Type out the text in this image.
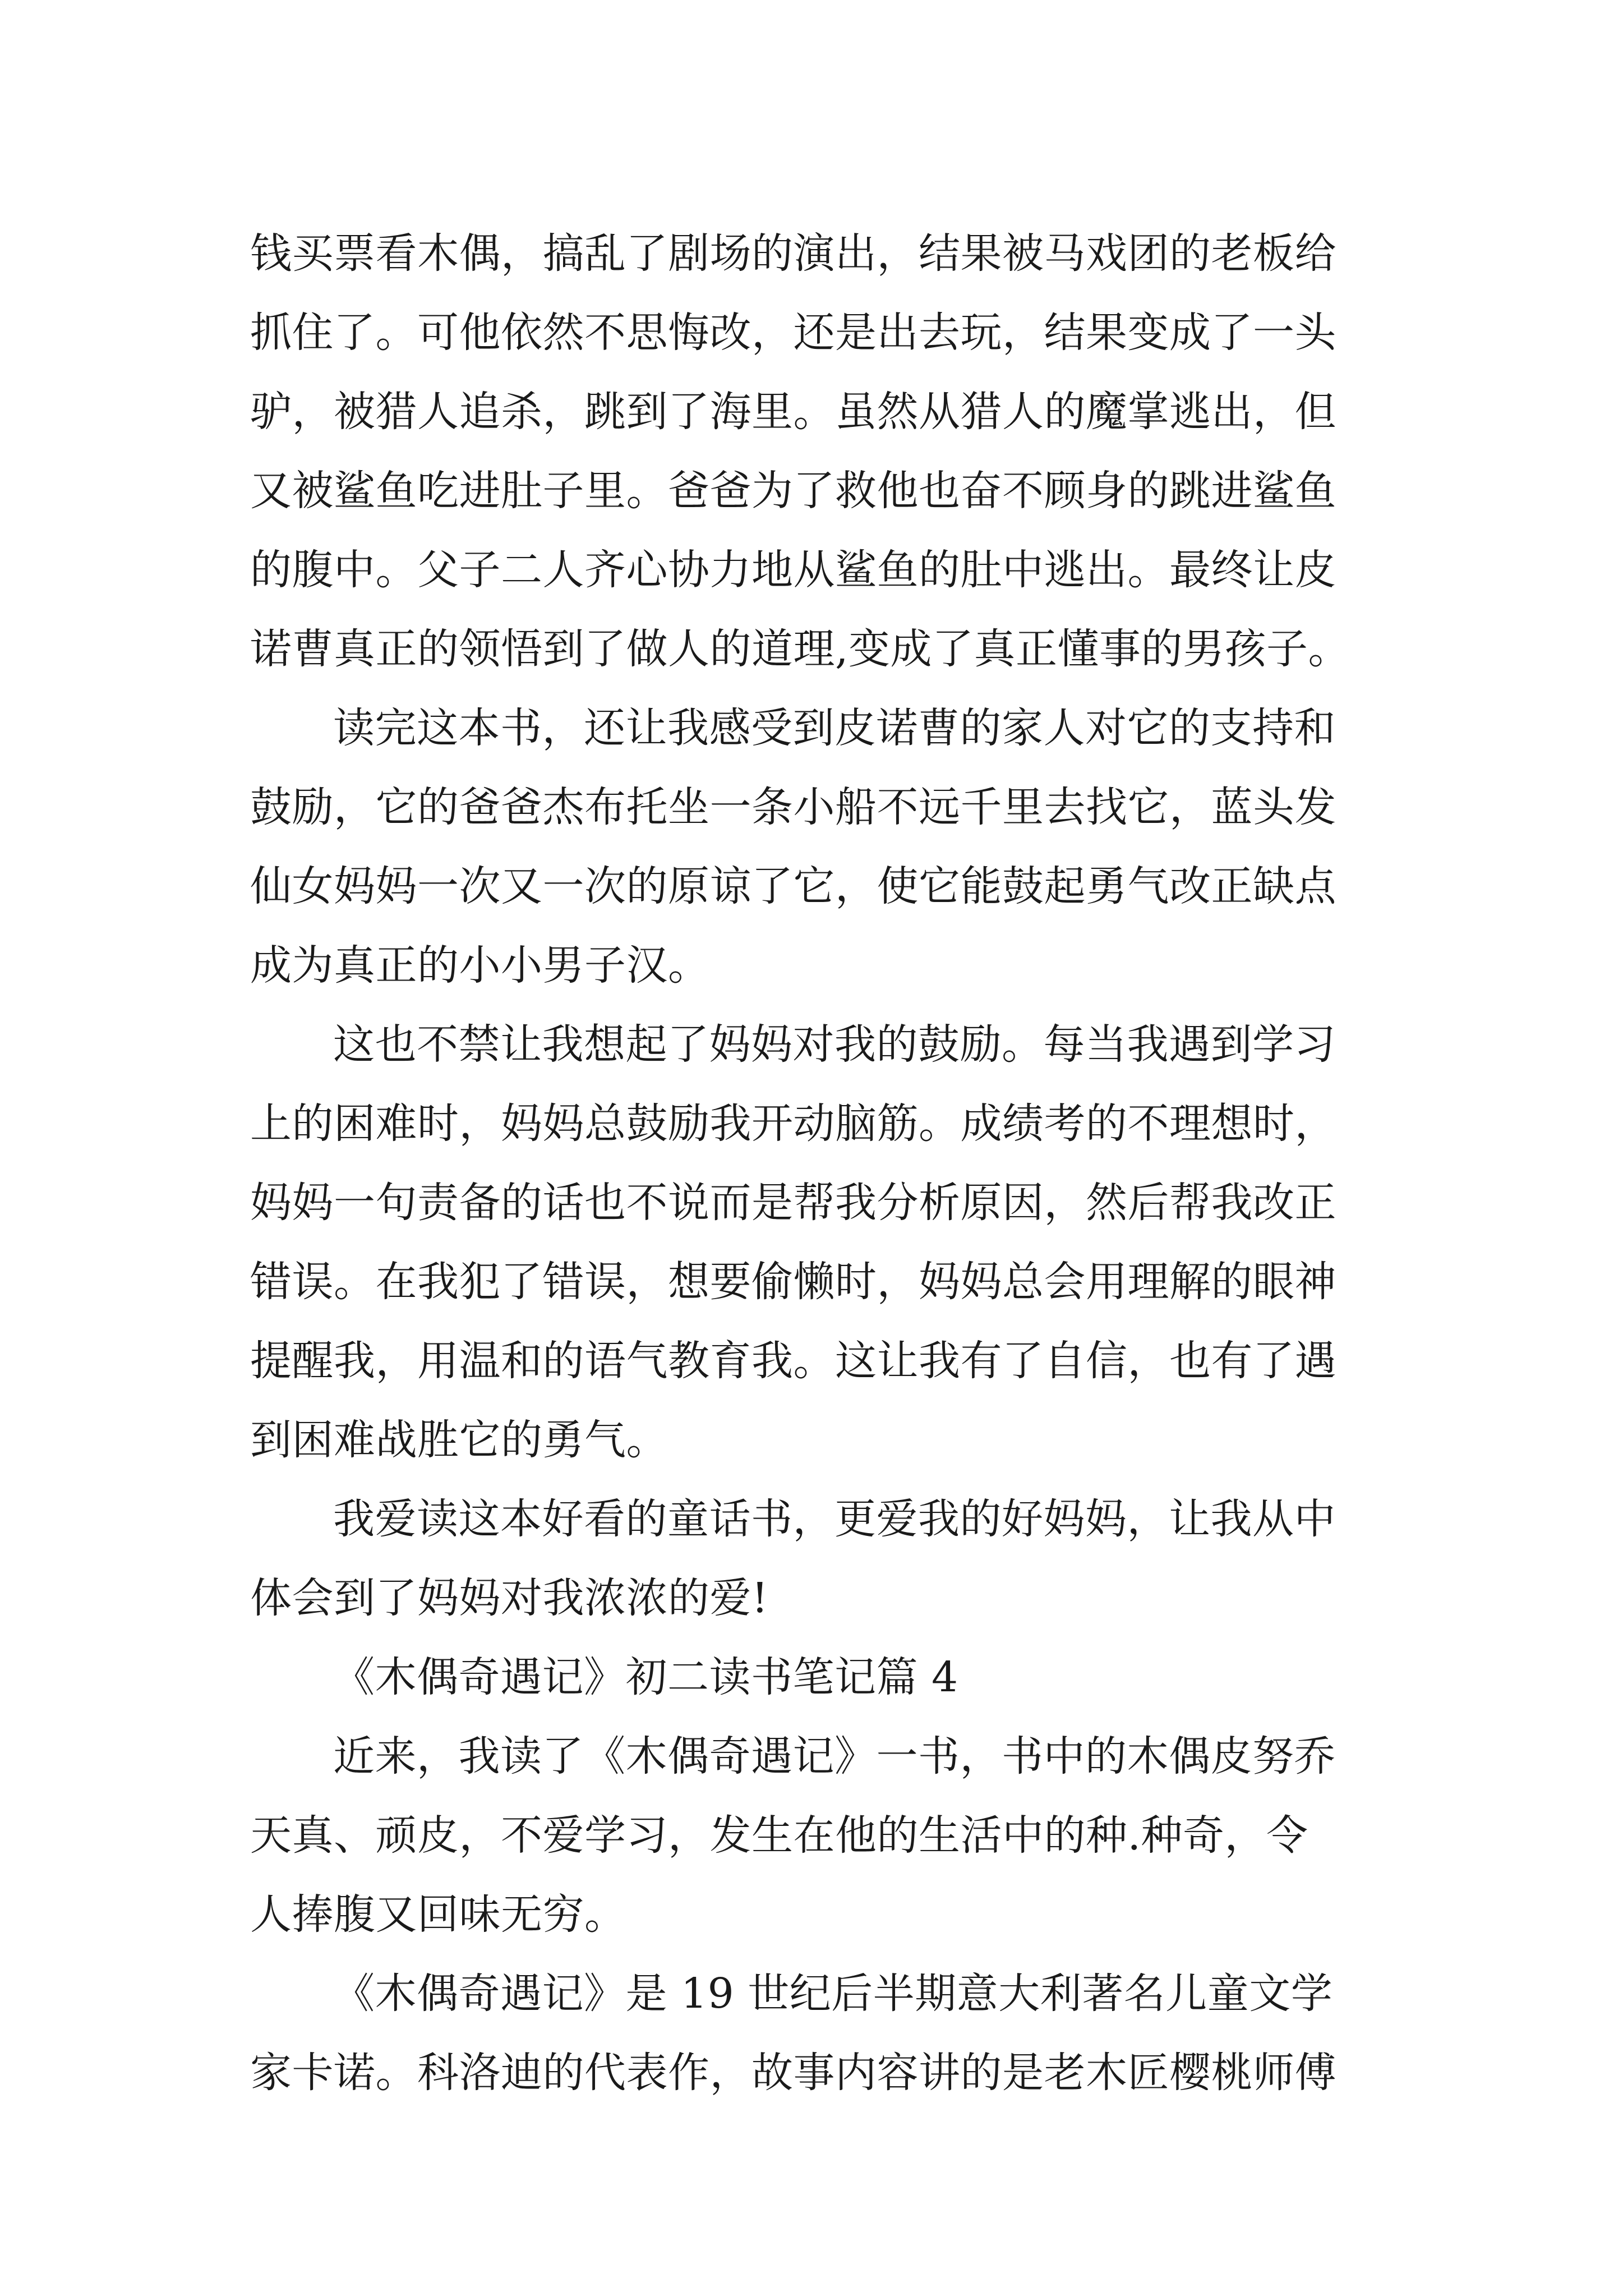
钱买票看木偶，搞乱了剧场的演出，结果被马戏团的老板给
抓住了。可他依然不思悔改，还是出去玩，结果变成了一头
驴，被猎人追杀，跳到了海里。虽然从猎人的魔掌逃出，但
又被鲨鱼吃进肚子里。爸爸为了救他也奋不顾身的跳进鲨鱼
的腹中。父子二人齐心协力地从鲨鱼的肚中逃出。最终让皮
诺曹真正的领悟到了做人的道理,变成了真正懂事的男孩子。
读完这本书，还让我感受到皮诺曹的家人对它的支持和
鼓励，它的爸爸杰布托坐一条小船不远千里去找它，蓝头发
仙女妈妈一次又一次的原谅了它，使它能鼓起勇气改正缺点
成为真正的小小男子汉。
这也不禁让我想起了妈妈对我的鼓励。每当我遇到学习
上的困难时，妈妈总鼓励我开动脑筋。成绩考的不理想时，
妈妈一句责备的话也不说而是帮我分析原因，然后帮我改正
错误。在我犯了错误，想要偷懒时，妈妈总会用理解的眼神
提醒我，用温和的语气教育我。这让我有了自信，也有了遇
到困难战胜它的勇气。
我爱读这本好看的童话书，更爱我的好妈妈，让我从中
体会到了妈妈对我浓浓的爱!
《木偶奇遇记》初二读书笔记篇 4
近来，我读了《木偶奇遇记》一书，书中的木偶皮努乔
天真、顽皮，不爱学习，发生在他的生活中的种.种奇，令
人捧腹又回味无穷。
《木偶奇遇记》是 19 世纪后半期意大利著名儿童文学
家卡诺。科洛迪的代表作，故事内容讲的是老木匠樱桃师傅
